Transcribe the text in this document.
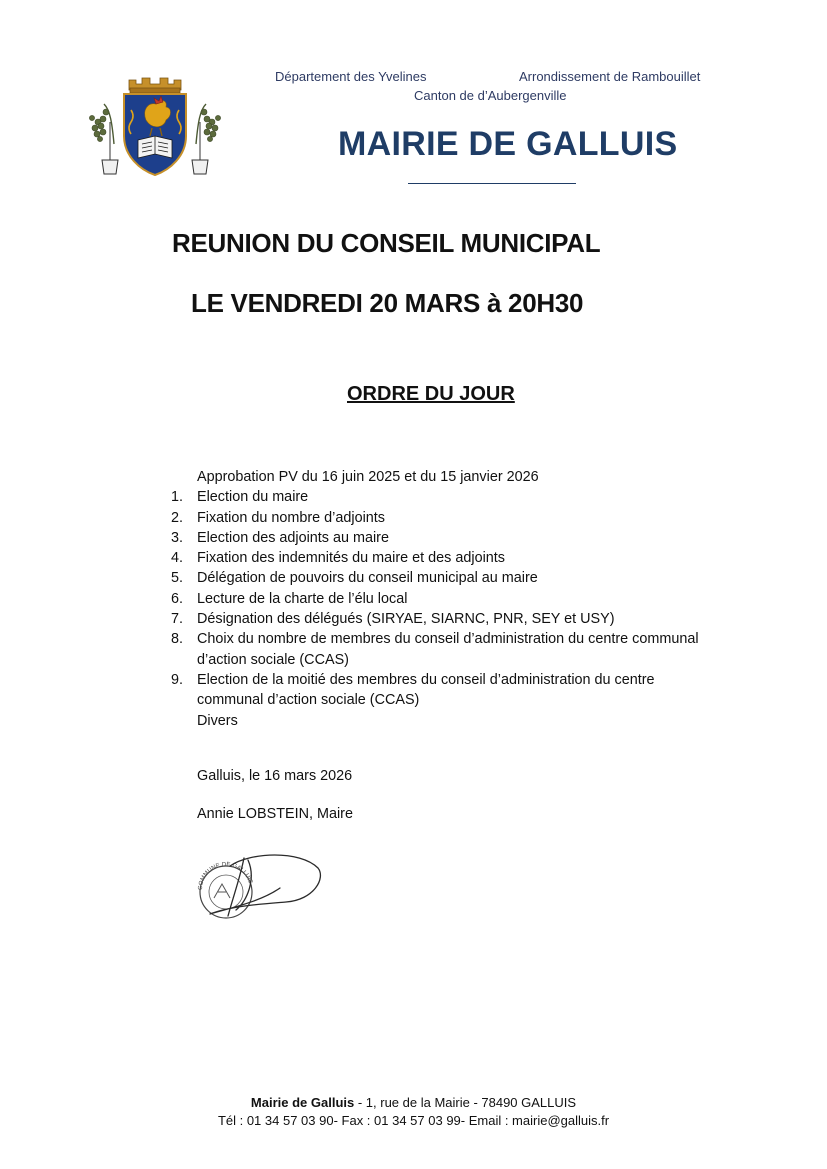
Département des Yvelines	Arrondissement de Rambouillet
Canton de d’Aubergenville
MAIRIE DE GALLUIS
REUNION DU CONSEIL MUNICIPAL
LE VENDREDI 20 MARS à 20H30
ORDRE DU JOUR
Approbation PV du 16 juin 2025 et du 15 janvier 2026
1. Election du maire
2. Fixation du nombre d’adjoints
3. Election des adjoints au maire
4. Fixation des indemnités du maire et des adjoints
5. Délégation de pouvoirs du conseil municipal au maire
6. Lecture de la charte de l’élu local
7. Désignation des délégués (SIRYAE, SIARNC, PNR, SEY et USY)
8. Choix du nombre de membres du conseil d’administration du centre communal d’action sociale (CCAS)
9. Election de la moitié des membres du conseil d’administration du centre communal d’action sociale (CCAS)
Divers
Galluis, le 16 mars 2026
Annie LOBSTEIN, Maire
COMMUNE DE GALLUIS
Mairie de Galluis - 1, rue de la Mairie - 78490 GALLUIS
Tél : 01 34 57 03 90- Fax : 01 34 57 03 99- Email : mairie@galluis.fr
